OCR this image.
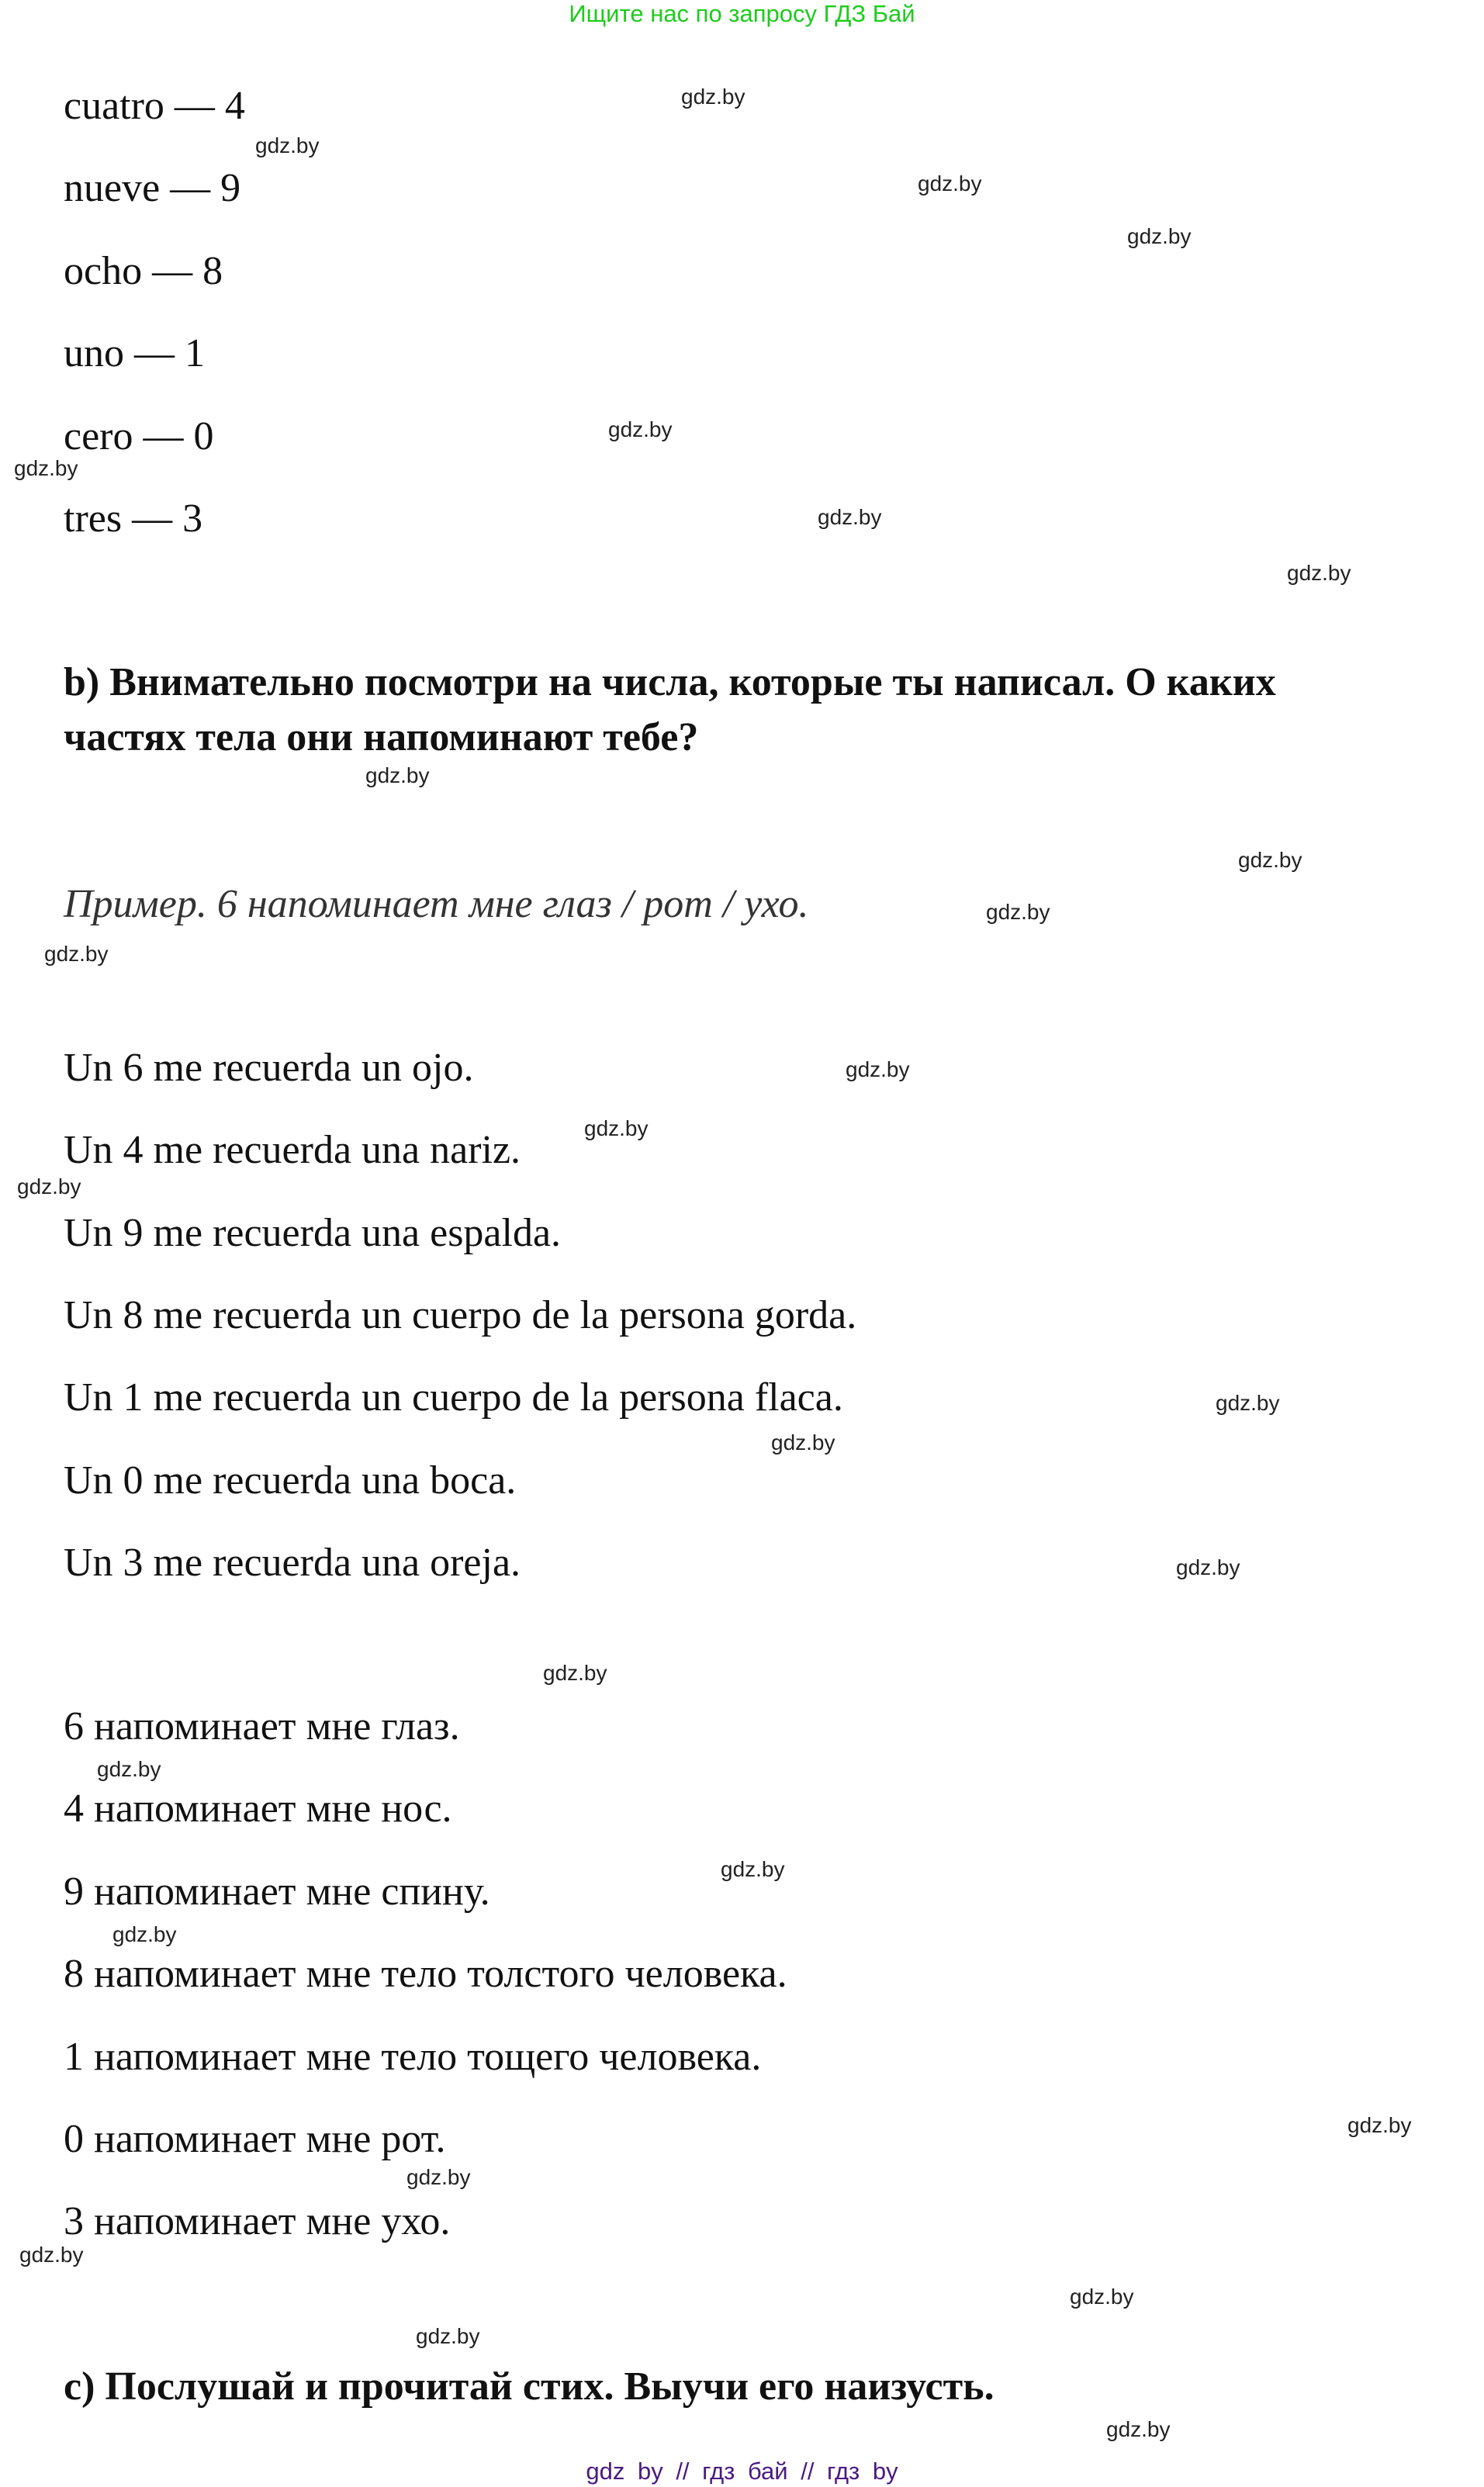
Ищите нас по запросу ГДЗ Бай
cuatro — 4
nueve — 9
ocho — 8
uno — 1
cero — 0
tres — 3
b) Внимательно посмотри на числа, которые ты написал. О каких
частях тела они напоминают тебе?
Пример. 6 напоминает мне глаз / рот / ухо.
Un 6 me recuerda un ojo.
Un 4 me recuerda una nariz.
Un 9 me recuerda una espalda.
Un 8 me recuerda un cuerpo de la persona gorda.
Un 1 me recuerda un cuerpo de la persona flaca.
Un 0 me recuerda una boca.
Un 3 me recuerda una oreja.
6 напоминает мне глаз.
4 напоминает мне нос.
9 напоминает мне спину.
8 напоминает мне тело толстого человека.
1 напоминает мне тело тощего человека.
0 напоминает мне рот.
3 напоминает мне ухо.
c) Послушай и прочитай стих. Выучи его наизусть.
gdz.by
gdz.by
gdz.by
gdz.by
gdz.by
gdz.by
gdz.by
gdz.by
gdz.by
gdz.by
gdz.by
gdz.by
gdz.by
gdz.by
gdz.by
gdz.by
gdz.by
gdz.by
gdz.by
gdz.by
gdz.by
gdz.by
gdz.by
gdz.by
gdz.by
gdz.by
gdz.by
gdz.by
gdz by // гдз бай // гдз by
